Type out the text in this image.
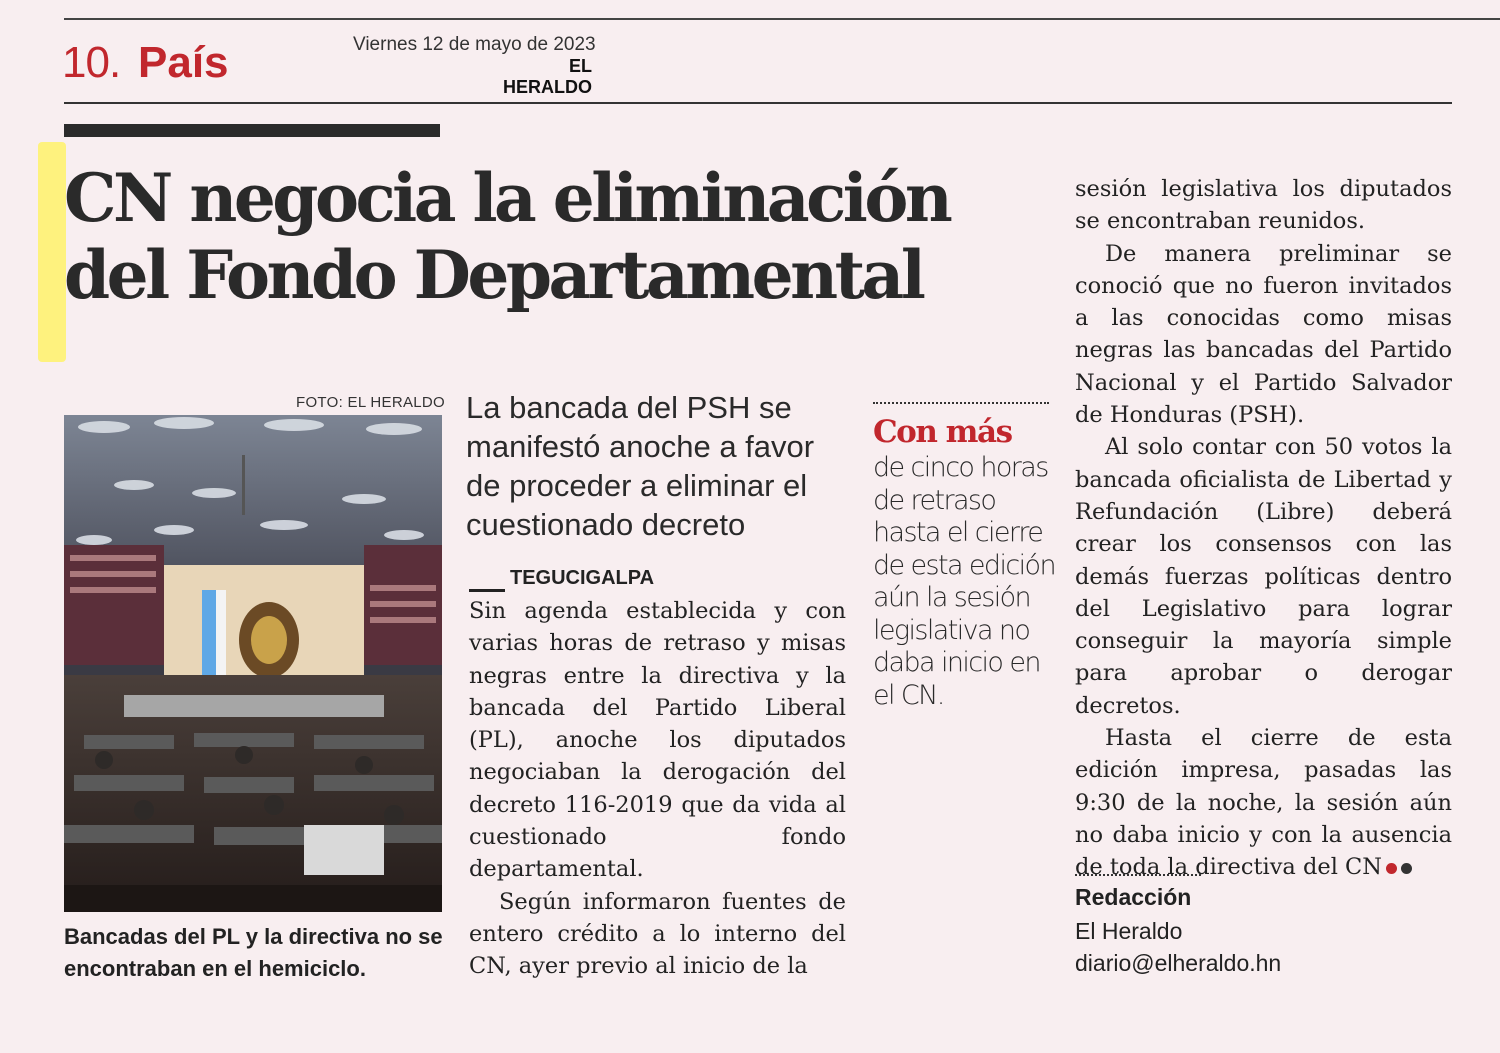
10. País	Viernes 12 de mayo de 2023
EL HERALDO
CN negocia la eliminación
del Fondo Departamental
FOTO: EL HERALDO
Bancadas del PL y la directiva no se encontraban en el hemiciclo.
La bancada del PSH se manifestó anoche a favor de proceder a eliminar el cuestionado decreto
TEGUCIGALPA

Sin agenda establecida y con varias horas de retraso y misas negras entre la directiva y la bancada del Partido Liberal (PL), anoche los diputados negociaban la derogación del decreto 116-2019 que da vida al cuestionado fondo departamental.

Según informaron fuentes de entero crédito a lo interno del CN, ayer previo al inicio de la

Con más
de cinco horas de retraso hasta el cierre de esta edición aún la sesión legislativa no daba inicio en el CN.

sesión legislativa los diputados se encontraban reunidos.

De manera preliminar se conoció que no fueron invitados a las conocidas como misas negras las bancadas del Partido Nacional y el Partido Salvador de Honduras (PSH).

Al solo contar con 50 votos la bancada oficialista de Libertad y Refundación (Libre) deberá crear los consensos con las demás fuerzas políticas dentro del Legislativo para lograr conseguir la mayoría simple para aprobar o derogar decretos.

Hasta el cierre de esta edición impresa, pasadas las 9:30 de la noche, la sesión aún no daba inicio y con la ausencia de toda la directiva del CN

Redacción
El Heraldo
diario@elheraldo.hn
